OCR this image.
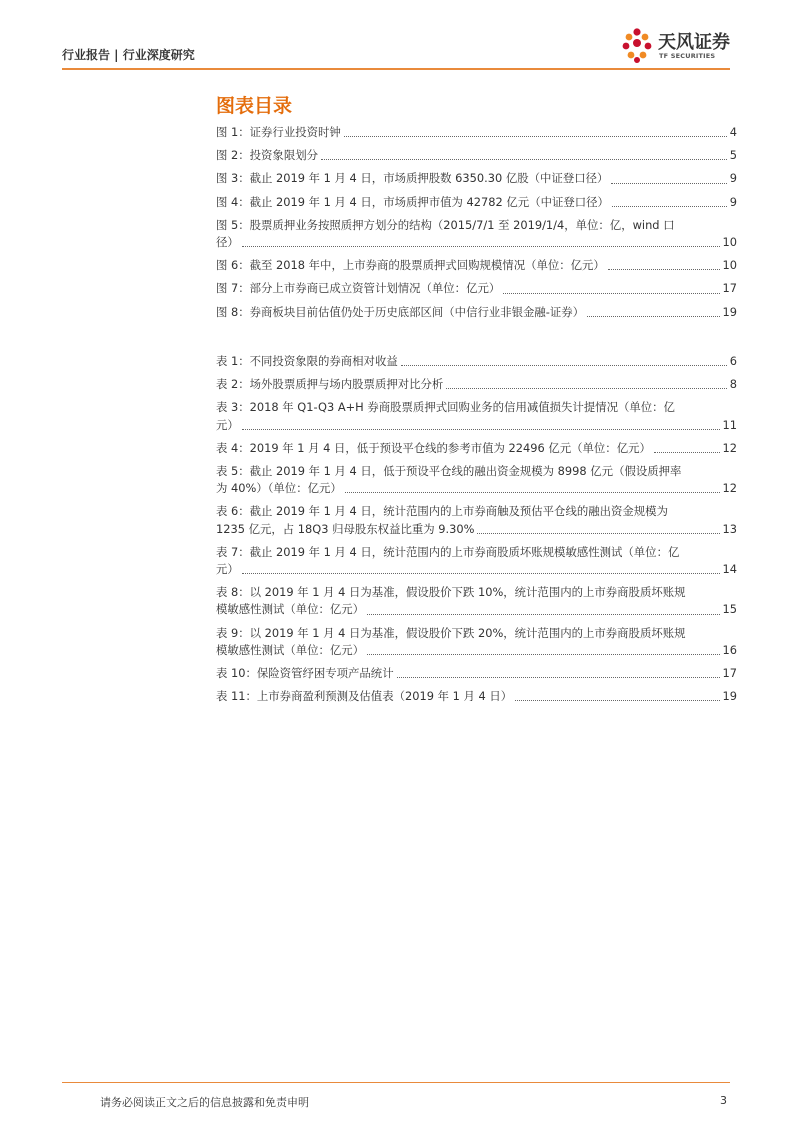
行业报告 | 行业深度研究
天风证券
TF SECURITIES
图表目录
图 1：证券行业投资时钟	4
图 2：投资象限划分	5
图 3：截止 2019 年 1 月 4 日，市场质押股数 6350.30 亿股（中证登口径）	9
图 4：截止 2019 年 1 月 4 日，市场质押市值为 42782 亿元（中证登口径）	9
图 5：股票质押业务按照质押方划分的结构（2015/7/1 至 2019/1/4，单位：亿，wind 口
径）	10
图 6：截至 2018 年中，上市券商的股票质押式回购规模情况（单位：亿元）	10
图 7：部分上市券商已成立资管计划情况（单位：亿元）	17
图 8：券商板块目前估值仍处于历史底部区间（中信行业非银金融-证券）	19
表 1：不同投资象限的券商相对收益	6
表 2：场外股票质押与场内股票质押对比分析	8
表 3：2018 年 Q1-Q3 A+H 券商股票质押式回购业务的信用减值损失计提情况（单位：亿
元）	11
表 4：2019 年 1 月 4 日，低于预设平仓线的参考市值为 22496 亿元（单位：亿元）	12
表 5：截止 2019 年 1 月 4 日，低于预设平仓线的融出资金规模为 8998 亿元（假设质押率
为 40%）（单位：亿元）	12
表 6：截止 2019 年 1 月 4 日，统计范围内的上市券商触及预估平仓线的融出资金规模为
1235 亿元，占 18Q3 归母股东权益比重为 9.30%	13
表 7：截止 2019 年 1 月 4 日，统计范围内的上市券商股质坏账规模敏感性测试（单位：亿
元）	14
表 8：以 2019 年 1 月 4 日为基准，假设股价下跌 10%，统计范围内的上市券商股质坏账规
模敏感性测试（单位：亿元）	15
表 9：以 2019 年 1 月 4 日为基准，假设股价下跌 20%，统计范围内的上市券商股质坏账规
模敏感性测试（单位：亿元）	16
表 10：保险资管纾困专项产品统计	17
表 11：上市券商盈利预测及估值表（2019 年 1 月 4 日）	19
请务必阅读正文之后的信息披露和免责申明	3
